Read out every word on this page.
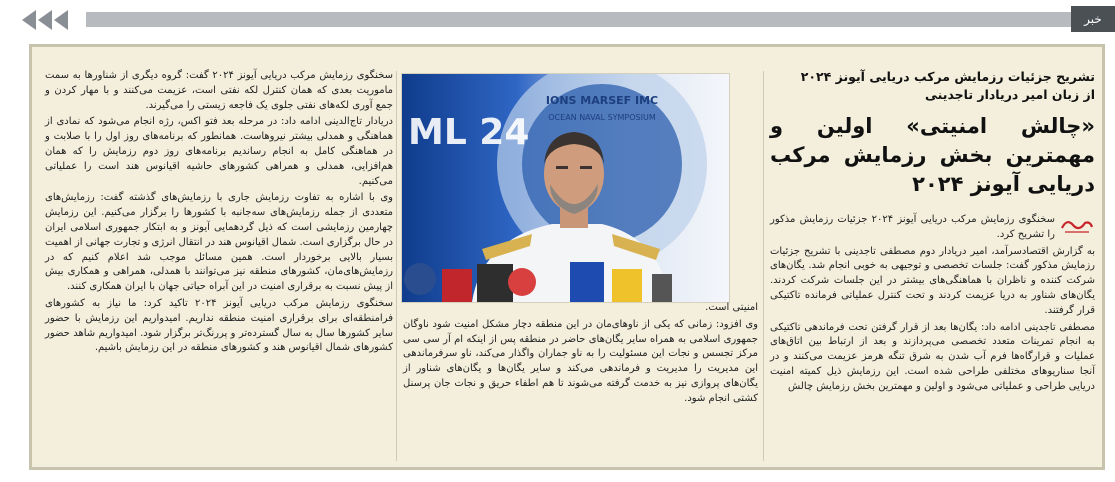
خبر
تشریح جزئیات رزمایش مرکب دریایی آیونز ۲۰۲۴
از زبان امیر دریادار تاجدینی
«چالش امنیتی» اولین و مهمترین بخش رزمایش مرکب دریایی آیونز ۲۰۲۴

سخنگوی رزمایش مرکب دریایی آیونز ۲۰۲۴ جزئیات رزمایش مذکور را تشریح کرد.

به گزارش اقتصادسرآمد، امیر دریادار دوم مصطفی تاجدینی با تشریح جزئیات رزمایش مذکور گفت: جلسات تخصصی و توجیهی به خوبی انجام شد. یگان‌های شرکت کننده و ناظران با هماهنگی‌های بیشتر در این جلسات شرکت کردند. یگان‌های شناور به دریا عزیمت کردند و تحت کنترل عملیاتی فرمانده تاکتیکی قرار گرفتند.

مصطفی تاجدینی ادامه داد: یگان‌ها بعد از قرار گرفتن تحت فرماندهی تاکتیکی به انجام تمرینات متعدد تخصصی می‌پردازند و بعد از ارتباط بین اتاق‌های عملیات و قرارگاه‌ها فرم آب شدن به شرق تنگه هرمز عزیمت می‌کنند و در آنجا سناریوهای مختلفی طراحی شده است. این رزمایش ذیل کمیته امنیت دریایی طراحی و عملیاتی می‌شود و اولین و مهمترین بخش رزمایش چالش

IONS MARSEF IMC
OCEAN NAVAL SYMPOSIUM
ML 24

امنیتی است.

وی افزود: زمانی که یکی از ناوهای‌مان در این منطقه دچار مشکل امنیت شود ناوگان جمهوری اسلامی به همراه سایر یگان‌های حاضر در منطقه پس از اینکه ام آر سی سی مرکز تجسس و نجات این مسئولیت را به ناو جماران واگذار می‌کند، ناو سرفرماندهی این مدیریت را مدیریت و فرماندهی می‌کند و سایر یگان‌ها و یگان‌های شناور از یگان‌های پروازی نیز به خدمت گرفته می‌شوند تا هم اطفاء حریق و نجات جان پرسنل کشتی انجام شود.

سخنگوی رزمایش مرکب دریایی آیونز ۲۰۲۴ گفت: گروه دیگری از شناورها به سمت ماموریت بعدی که همان کنترل لکه نفتی است، عزیمت می‌کنند و با مهار کردن و جمع آوری لکه‌های نفتی جلوی یک فاجعه زیستی را می‌گیرند.

دریادار تاج‌الدینی ادامه داد: در مرحله بعد فتو اکس، رژه انجام می‌شود که نمادی از هماهنگی و همدلی بیشتر نیروهاست. همانطور که برنامه‌های روز اول را با صلابت و در هماهنگی کامل به انجام رساندیم برنامه‌های روز دوم رزمایش را که همان هم‌افزایی، همدلی و همراهی کشورهای حاشیه اقیانوس هند است را عملیاتی می‌کنیم.

وی با اشاره به تفاوت رزمایش جاری با رزمایش‌های گذشته گفت: رزمایش‌های متعددی از جمله رزمایش‌های سه‌جانبه با کشورها را برگزار می‌کنیم. این رزمایش چهارمین رزمایشی است که ذیل گردهمایی آیونز و به ابتکار جمهوری اسلامی ایران در حال برگزاری است. شمال اقیانوس هند در انتقال انرژی و تجارت جهانی از اهمیت بسیار بالایی برخوردار است. همین مسائل موجب شد اعلام کنیم که در رزمایش‌های‌مان، کشورهای منطقه نیز می‌توانند با همدلی، همراهی و همکاری بیش از پیش نسبت به برقراری امنیت در این آبراه حیاتی جهان با ایران همکاری کنند.

سخنگوی رزمایش مرکب دریایی آیونز ۲۰۲۴ تاکید کرد: ما نیاز به کشورهای فرامنطقه‌ای برای برقراری امنیت منطقه نداریم. امیدواریم این رزمایش با حضور سایر کشورها سال به سال گسترده‌تر و پررنگ‌تر برگزار شود. امیدواریم شاهد حضور کشورهای شمال اقیانوس هند و کشورهای منطقه در این رزمایش باشیم.
